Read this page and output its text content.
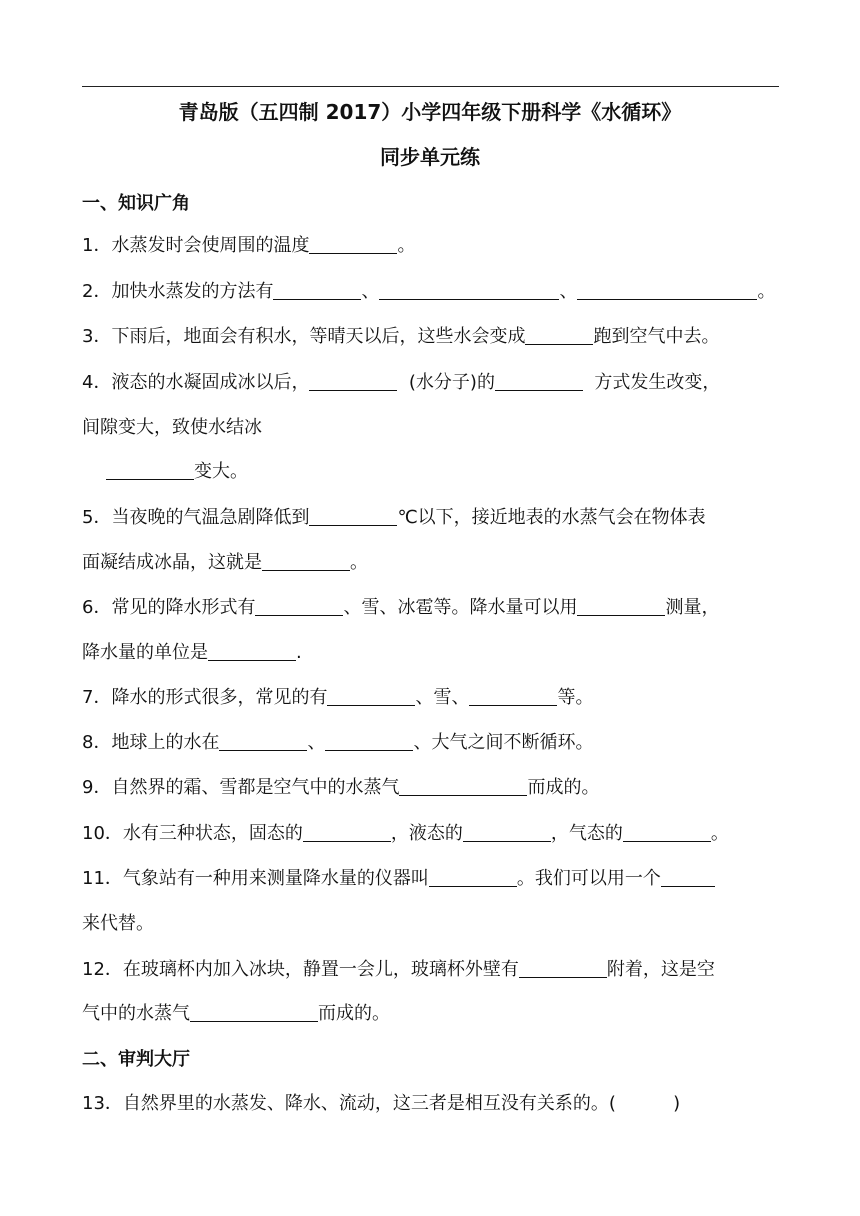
青岛版（五四制 2017）小学四年级下册科学《水循环》
同步单元练
一、知识广角
1．水蒸发时会使周围的温度	。
2．加快水蒸发的方法有	、	、	。
3．下雨后，地面会有积水，等晴天以后，这些水会变成	跑到空气中去。
4．液态的水凝固成冰以后，	(水分子)的	方式发生改变，
间隙变大，致使水结冰
变大。
5．当夜晚的气温急剧降低到	℃以下，接近地表的水蒸气会在物体表
面凝结成冰晶，这就是	。
6．常见的降水形式有	、雪、冰雹等。降水量可以用	测量，
降水量的单位是	.
7．降水的形式很多，常见的有	、雪、	等。
8．地球上的水在	、	、大气之间不断循环。
9．自然界的霜、雪都是空气中的水蒸气	而成的。
10．水有三种状态，固态的	，液态的	，气态的	。
11．气象站有一种用来测量降水量的仪器叫	。我们可以用一个
来代替。
12．在玻璃杯内加入冰块，静置一会儿，玻璃杯外壁有	附着，这是空
气中的水蒸气	而成的。
二、审判大厅
13．自然界里的水蒸发、降水、流动，这三者是相互没有关系的。(          )
